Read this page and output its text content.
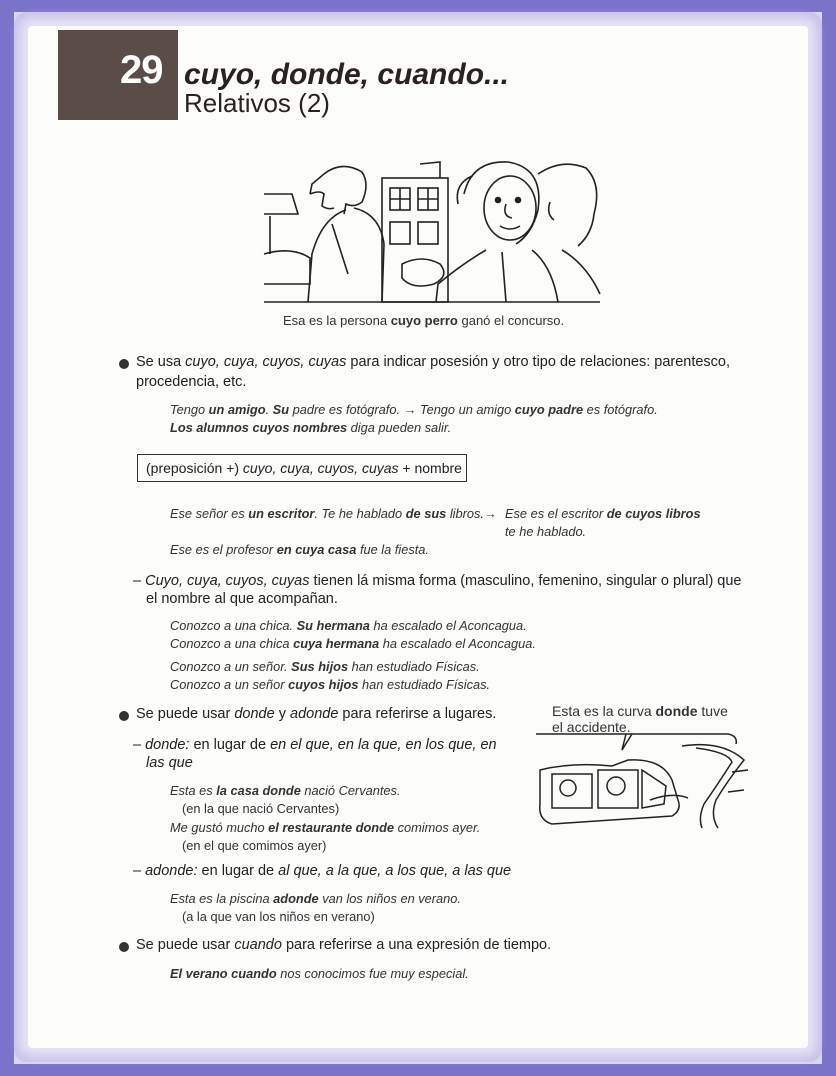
29 cuyo, donde, cuando...
Relativos (2)
Esa es la persona cuyo perro ganó el concurso.
Se usa cuyo, cuya, cuyos, cuyas para indicar posesión y otro tipo de relaciones: parentesco,
procedencia, etc.
Tengo un amigo. Su padre es fotógrafo. → Tengo un amigo cuyo padre es fotógrafo.
Los alumnos cuyos nombres diga pueden salir.
(preposición +) cuyo, cuya, cuyos, cuyas + nombre
Ese señor es un escritor. Te he hablado de sus libros. → Ese es el escritor de cuyos libros
te he hablado.
Ese es el profesor en cuya casa fue la fiesta.
– Cuyo, cuya, cuyos, cuyas tienen lá misma forma (masculino, femenino, singular o plural) que
el nombre al que acompañan.
Conozco a una chica. Su hermana ha escalado el Aconcagua.
Conozco a una chica cuya hermana ha escalado el Aconcagua.
Conozco a un señor. Sus hijos han estudiado Físicas.
Conozco a un señor cuyos hijos han estudiado Físicas.
Se puede usar donde y adonde para referirse a lugares.
– donde: en lugar de en el que, en la que, en los que, en
las que
Esta es la casa donde nació Cervantes.
(en la que nació Cervantes)
Me gustó mucho el restaurante donde comimos ayer.
(en el que comimos ayer)
– adonde: en lugar de al que, a la que, a los que, a las que
Esta es la piscina adonde van los niños en verano.
(a la que van los niños en verano)
Esta es la curva donde tuve
el accidente.
Se puede usar cuando para referirse a una expresión de tiempo.
El verano cuando nos conocimos fue muy especial.
